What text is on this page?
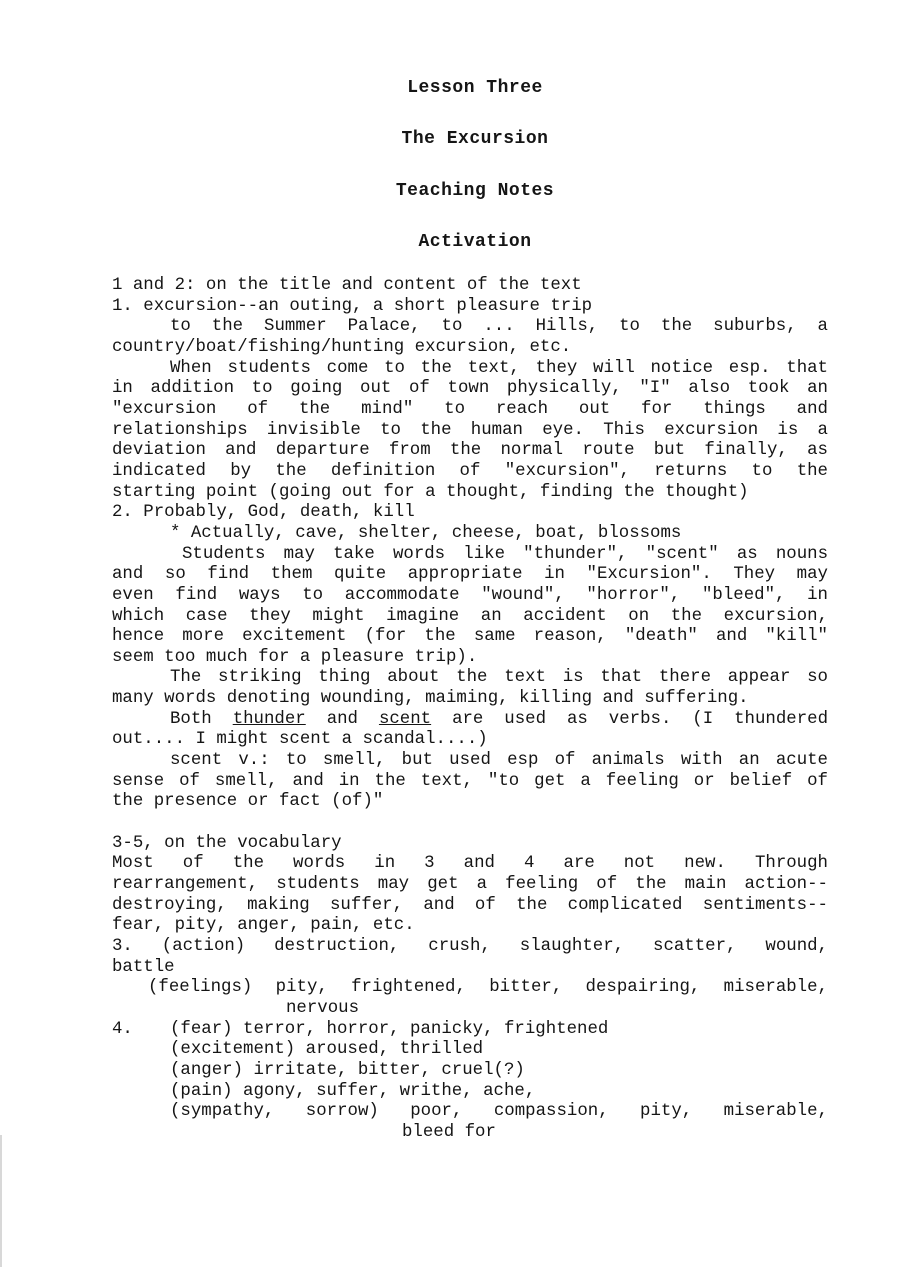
Lesson Three
The Excursion
Teaching Notes
Activation
1 and 2: on the title and content of the text
1. excursion--an outing, a short pleasure trip
to the Summer Palace, to ... Hills, to the suburbs, a
country/boat/fishing/hunting excursion, etc.
When students come to the text, they will notice esp. that
in addition to going out of town physically, "I" also took an
"excursion of the mind" to reach out for things and
relationships invisible to the human eye. This excursion is a
deviation and departure from the normal route but finally, as
indicated by the definition of "excursion", returns to the
starting point (going out for a thought, finding the thought)
2. Probably, God, death, kill
* Actually, cave, shelter, cheese, boat, blossoms
Students may take words like "thunder", "scent" as nouns
and so find them quite appropriate in "Excursion". They may
even find ways to accommodate "wound", "horror", "bleed", in
which case they might imagine an accident on the excursion,
hence more excitement (for the same reason, "death" and "kill"
seem too much for a pleasure trip).
The striking thing about the text is that there appear so
many words denoting wounding, maiming, killing and suffering.
Both thunder and scent are used as verbs. (I thundered
out.... I might scent a scandal....)
scent v.: to smell, but used esp of animals with an acute
sense of smell, and in the text, "to get a feeling or belief of
the presence or fact (of)"
3-5, on the vocabulary
Most of the words in 3 and 4 are not new. Through
rearrangement, students may get a feeling of the main action--
destroying, making suffer, and of the complicated sentiments--
fear, pity, anger, pain, etc.
3. (action) destruction, crush, slaughter, scatter, wound,
battle
(feelings) pity, frightened, bitter, despairing, miserable,
nervous
4.	(fear) terror, horror, panicky, frightened
(excitement) aroused, thrilled
(anger) irritate, bitter, cruel(?)
(pain) agony, suffer, writhe, ache,
(sympathy, sorrow) poor, compassion, pity, miserable,
bleed for
